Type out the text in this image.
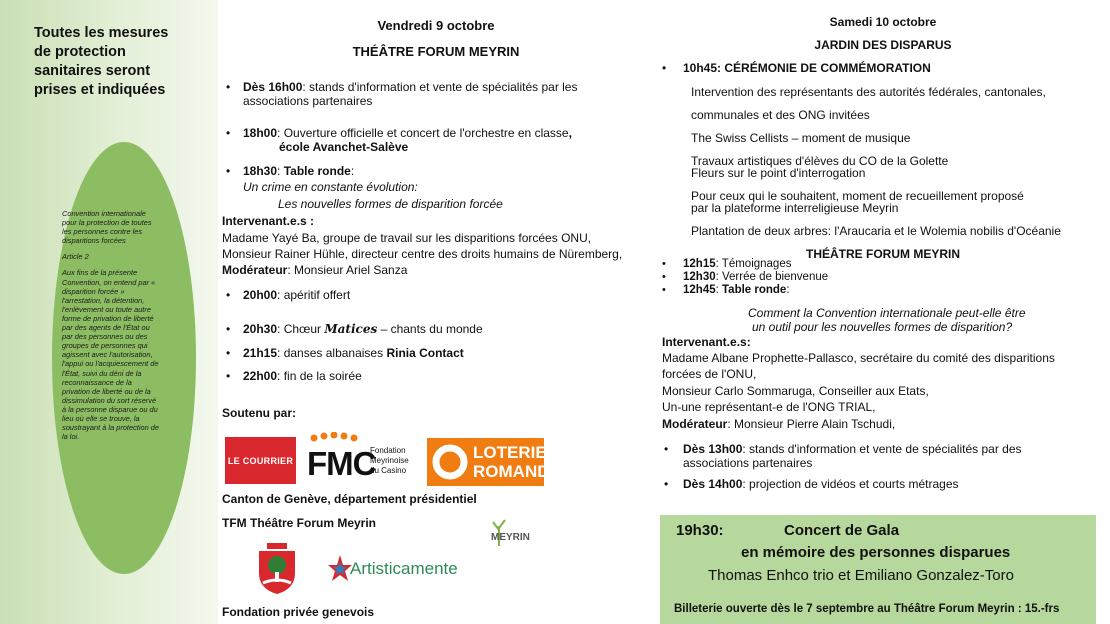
Toutes les mesures de protection sanitaires seront prises et indiquées

Convention internationale pour la protection de toutes les personnes contre les disparitions forcées

Article 2

Aux fins de la présente Convention, on entend par « disparition forcée » l'arrestation, la détention, l'enlèvement ou toute autre forme de privation de liberté par des agents de l'État ou par des personnes ou des groupes de personnes qui agissent avec l'autorisation, l'appui ou l'acquiescement de l'État, suivi du déni de la reconnaissance de la privation de liberté ou de la dissimulation du sort réservé à la personne disparue ou du lieu où elle se trouve, la soustrayant à la protection de la loi.

Vendredi 9 octobre
THÉÂTRE FORUM MEYRIN
• Dès 16h00: stands d'information et vente de spécialités par les
associations partenaires
• 18h00: Ouverture officielle et concert de l'orchestre en classe,
école Avanchet-Salève
• 18h30: Table ronde:
Un crime en constante évolution:
Les nouvelles formes de disparition forcée
Intervenant.e.s :
Madame Yayé Ba, groupe de travail sur les disparitions forcées ONU,
Monsieur Rainer Hühle, directeur centre des droits humains de Nüremberg,
Modérateur: Monsieur Ariel Sanza
• 20h00: apéritif offert
• 20h30: Chœur Matices – chants du monde
• 21h15: danses albanaises Rinia Contact
• 22h00: fin de la soirée
Soutenu par:
LE COURRIER FMC
Fondation
Meyrinoise
du Casino
LOTERIE
ROMANDE
Canton de Genève, département présidentiel
TFM Théâtre Forum Meyrin
MEYRIN
Artisticamente
Fondation privée genevois
Samedi 10 octobre
JARDIN DES DISPARUS
• 10h45: CÉRÉMONIE DE COMMÉMORATION
Intervention des représentants des autorités fédérales, cantonales,
communales et des ONG invitées
The Swiss Cellists – moment de musique
Travaux artistiques d'élèves du CO de la Golette
Fleurs sur le point d'interrogation
Pour ceux qui le souhaitent, moment de recueillement proposé
par la plateforme interreligieuse Meyrin
Plantation de deux arbres: l'Araucaria et le Wolemia nobilis d'Océanie
THÉÂTRE FORUM MEYRIN
• 12h15: Témoignages
• 12h30: Verrée de bienvenue
• 12h45: Table ronde:
Comment la Convention internationale peut-elle être
un outil pour les nouvelles formes de disparition?
Intervenant.e.s:
Madame Albane Prophette-Pallasco, secrétaire du comité des disparitions
forcées de l'ONU,
Monsieur Carlo Sommaruga, Conseiller aux Etats,
Un-une représentant-e de l'ONG TRIAL,
Modérateur: Monsieur Pierre Alain Tschudi,
• Dès 13h00: stands d'information et vente de spécialités par des
associations partenaires
• Dès 14h00: projection de vidéos et courts métrages
19h30:	Concert de Gala
en mémoire des personnes disparues
Thomas Enhco trio et Emiliano Gonzalez-Toro
Billeterie ouverte dès le 7 septembre au Théâtre Forum Meyrin : 15.-frs
